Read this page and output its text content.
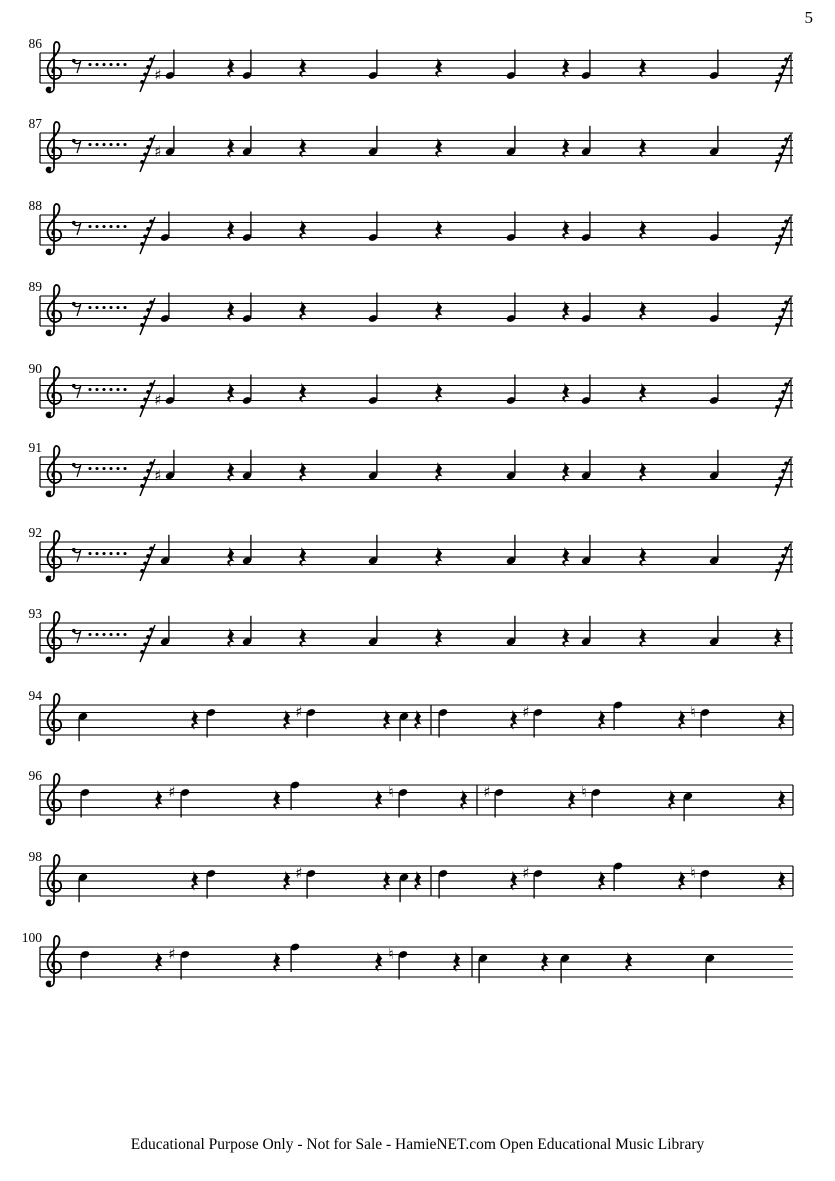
5
86
♯
87
♯
88
89
90
♯
91
♯
92
93
94
♯	♯	♮
96
♯	♮	♯	♮
98
♯	♯	♮
100
♯	♮
Educational Purpose Only - Not for Sale - HamieNET.com Open Educational Music Library
